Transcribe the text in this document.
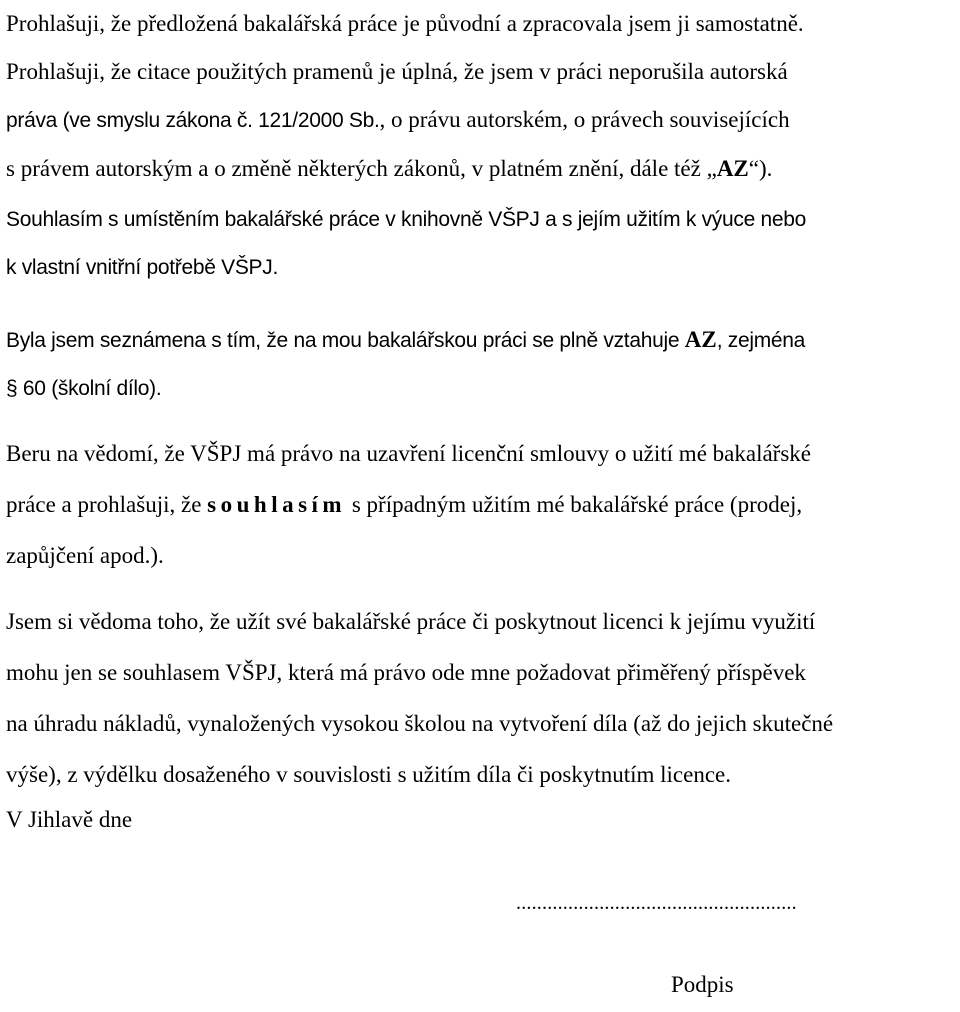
Prohlašuji, že předložená bakalářská práce je původní a zpracovala jsem ji samostatně.
Prohlašuji, že citace použitých pramenů je úplná, že jsem v práci neporušila autorská
práva (ve smyslu zákona č. 121/2000 Sb., o právu autorském, o právech souvisejících
s právem autorským a o změně některých zákonů, v platném znění, dále též „AZ“).

Souhlasím s umístěním bakalářské práce v knihovně VŠPJ a s jejím užitím k výuce nebo
k vlastní vnitřní potřebě VŠPJ.

Byla jsem seznámena s tím, že na mou bakalářskou práci se plně vztahuje AZ, zejména
§ 60 (školní dílo).

Beru na vědomí, že VŠPJ má právo na uzavření licenční smlouvy o užití mé bakalářské
práce a prohlašuji, že souhlasím s případným užitím mé bakalářské práce (prodej,
zapůjčení apod.).

Jsem si vědoma toho, že užít své bakalářské práce či poskytnout licenci k jejímu využití
mohu jen se souhlasem VŠPJ, která má právo ode mne požadovat přiměřený příspěvek
na úhradu nákladů, vynaložených vysokou školou na vytvoření díla (až do jejich skutečné
výše), z výdělku dosaženého v souvislosti s užitím díla či poskytnutím licence.

V Jihlavě dne

......................................................
Podpis
